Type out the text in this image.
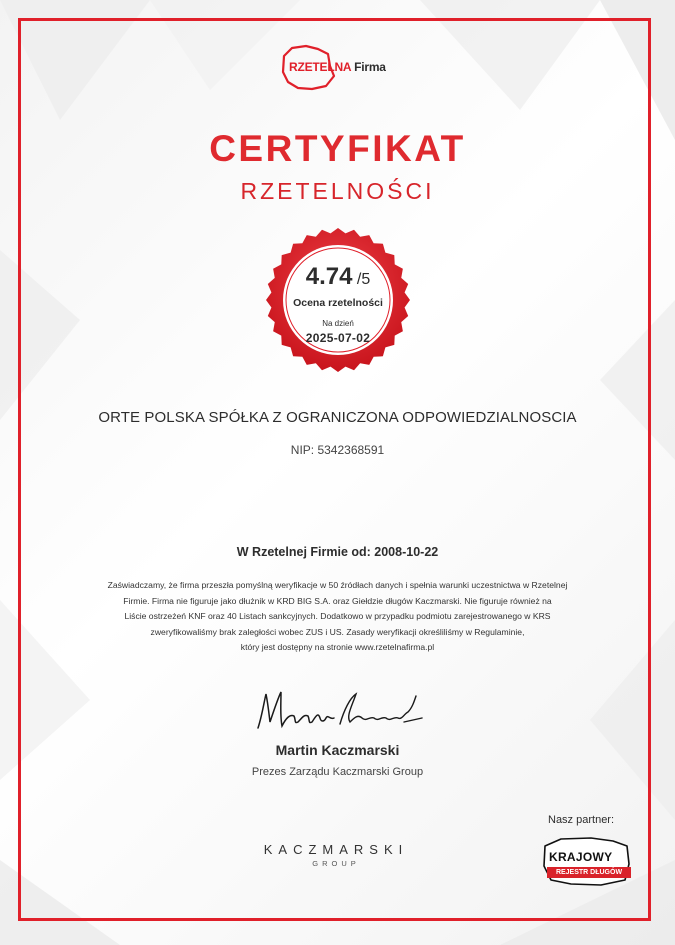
RZETELNA Firma
CERTYFIKAT
RZETELNOŚCI
4.74 /5
Ocena rzetelności
Na dzień
2025-07-02
ORTE POLSKA SPÓŁKA Z OGRANICZONA ODPOWIEDZIALNOSCIA
NIP: 5342368591
W Rzetelnej Firmie od: 2008-10-22
Zaświadczamy, że firma przeszła pomyślną weryfikacje w 50 źródłach danych i spełnia warunki uczestnictwa w Rzetelnej
Firmie. Firma nie figuruje jako dłużnik w KRD BIG S.A. oraz Giełdzie długów Kaczmarski. Nie figuruje również na
Liście ostrzeżeń KNF oraz 40 Listach sankcyjnych. Dodatkowo w przypadku podmiotu zarejestrowanego w KRS
zweryfikowaliśmy brak zaległości wobec ZUS i US. Zasady weryfikacji określiliśmy w Regulaminie,
który jest dostępny na stronie www.rzetelnafirma.pl
Martin Kaczmarski
Prezes Zarządu Kaczmarski Group
KACZMARSKI
GROUP
Nasz partner:
KRAJOWY
REJESTR DŁUGÓW
